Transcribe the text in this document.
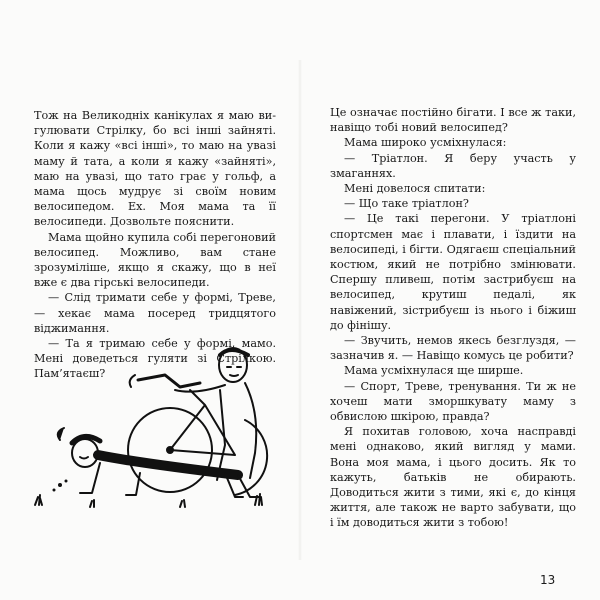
Тож на Великодніх канікулах я маю вигулювати Стрілку, бо всі інші зайняті. Коли я кажу «всі інші», то маю на увазі маму й тата, а коли я кажу «зайняті», маю на увазі, що тато грає у гольф, а мама щось мудрує зі своїм новим велосипедом. Ех. Моя мама та її велосипеди. Дозвольте пояснити.

Мама щойно купила собі перегоновий велосипед. Можливо, вам стане зрозуміліше, якщо я скажу, що в неї вже є два гірські велосипеди.

— Слід тримати себе у формі, Треве, — хекає мама посеред тридцятого віджимання.

— Та я тримаю себе у формі, мамо. Мені доведеться гуляти зі Стрілкою. Пам’ятаєш?

Це означає постійно бігати. І все ж таки, навіщо тобі новий велосипед?

Мама широко усміхнулася:

— Тріатлон. Я беру участь у змаганнях.

Мені довелося спитати:

— Що таке тріатлон?

— Це такі перегони. У тріатлоні спортсмен має і плавати, і їздити на велосипеді, і бігти. Одягаєш спеціальний костюм, який не потрібно змінювати. Спершу пливеш, потім застрибуєш на велосипед, крутиш педалі, як навіжений, зістрибуєш із нього і біжиш до фінішу.

— Звучить, немов якесь безглуздя, — зазначив я. — Навіщо комусь це робити?

Мама усміхнулася ще ширше.

— Спорт, Треве, тренування. Ти ж не хочеш мати зморшкувату маму з обвислою шкірою, правда?

Я похитав головою, хоча насправді мені однаково, який вигляд у мами. Вона моя мама, і цього досить. Як то кажуть, батьків не обирають. Доводиться жити з тими, які є, до кінця життя, але також не варто забувати, що і їм доводиться жити з тобою!

13
